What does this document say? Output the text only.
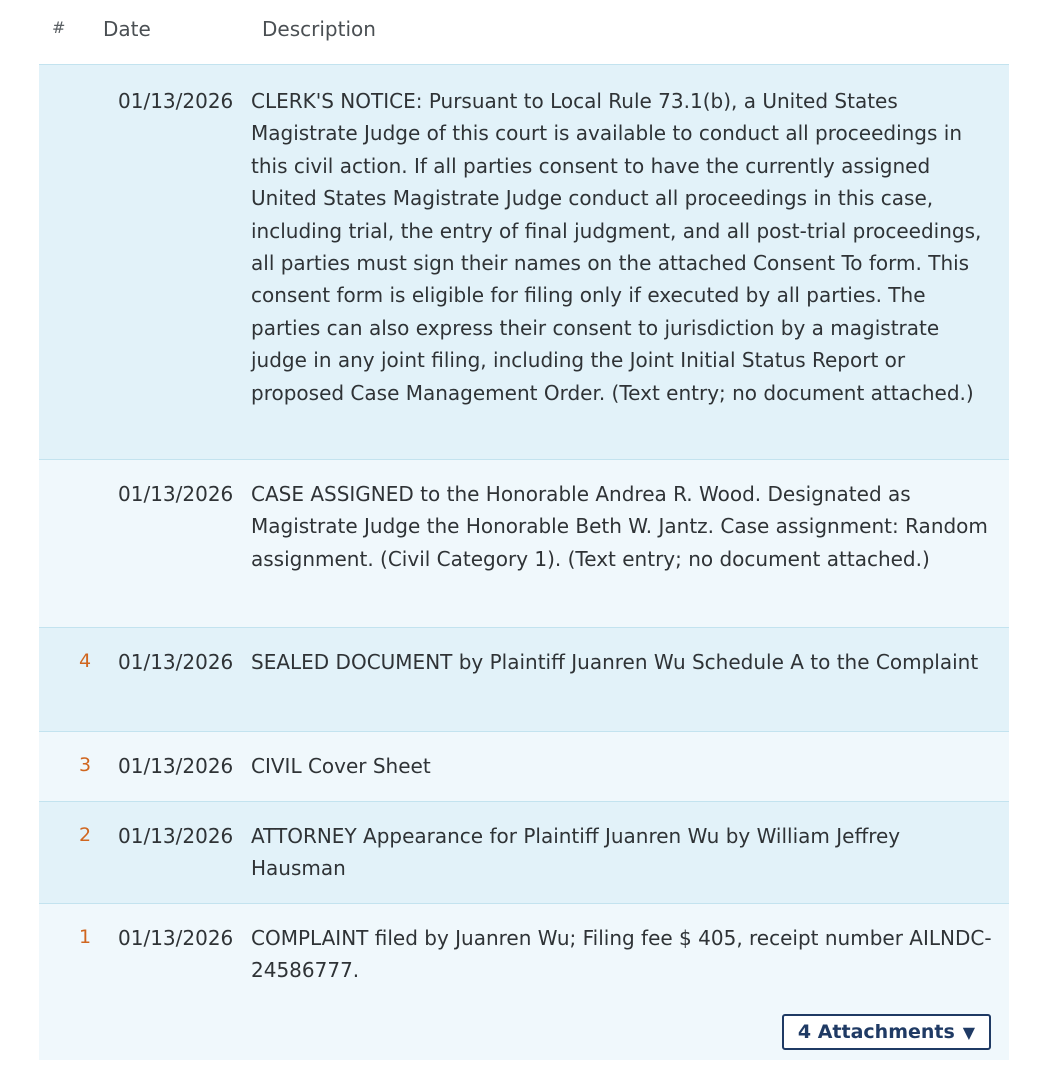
# Date	Description
01/13/2026 CLERK'S NOTICE: Pursuant to Local Rule 73.1(b), a United States Magistrate Judge of this court is available to conduct all proceedings in this civil action. If all parties consent to have the currently assigned United States Magistrate Judge conduct all proceedings in this case, including trial, the entry of final judgment, and all post-trial proceedings, all parties must sign their names on the attached Consent To form. This consent form is eligible for filing only if executed by all parties. The parties can also express their consent to jurisdiction by a magistrate judge in any joint filing, including the Joint Initial Status Report or proposed Case Management Order. (Text entry; no document attached.)
01/13/2026 CASE ASSIGNED to the Honorable Andrea R. Wood. Designated as Magistrate Judge the Honorable Beth W. Jantz. Case assignment: Random assignment. (Civil Category 1). (Text entry; no document attached.)
4 01/13/2026 SEALED DOCUMENT by Plaintiff Juanren Wu Schedule A to the Complaint
3 01/13/2026 CIVIL Cover Sheet
2 01/13/2026 ATTORNEY Appearance for Plaintiff Juanren Wu by William Jeffrey Hausman
1 01/13/2026 COMPLAINT filed by Juanren Wu; Filing fee $ 405, receipt number AILNDC-24586777.
4 Attachments ▼
